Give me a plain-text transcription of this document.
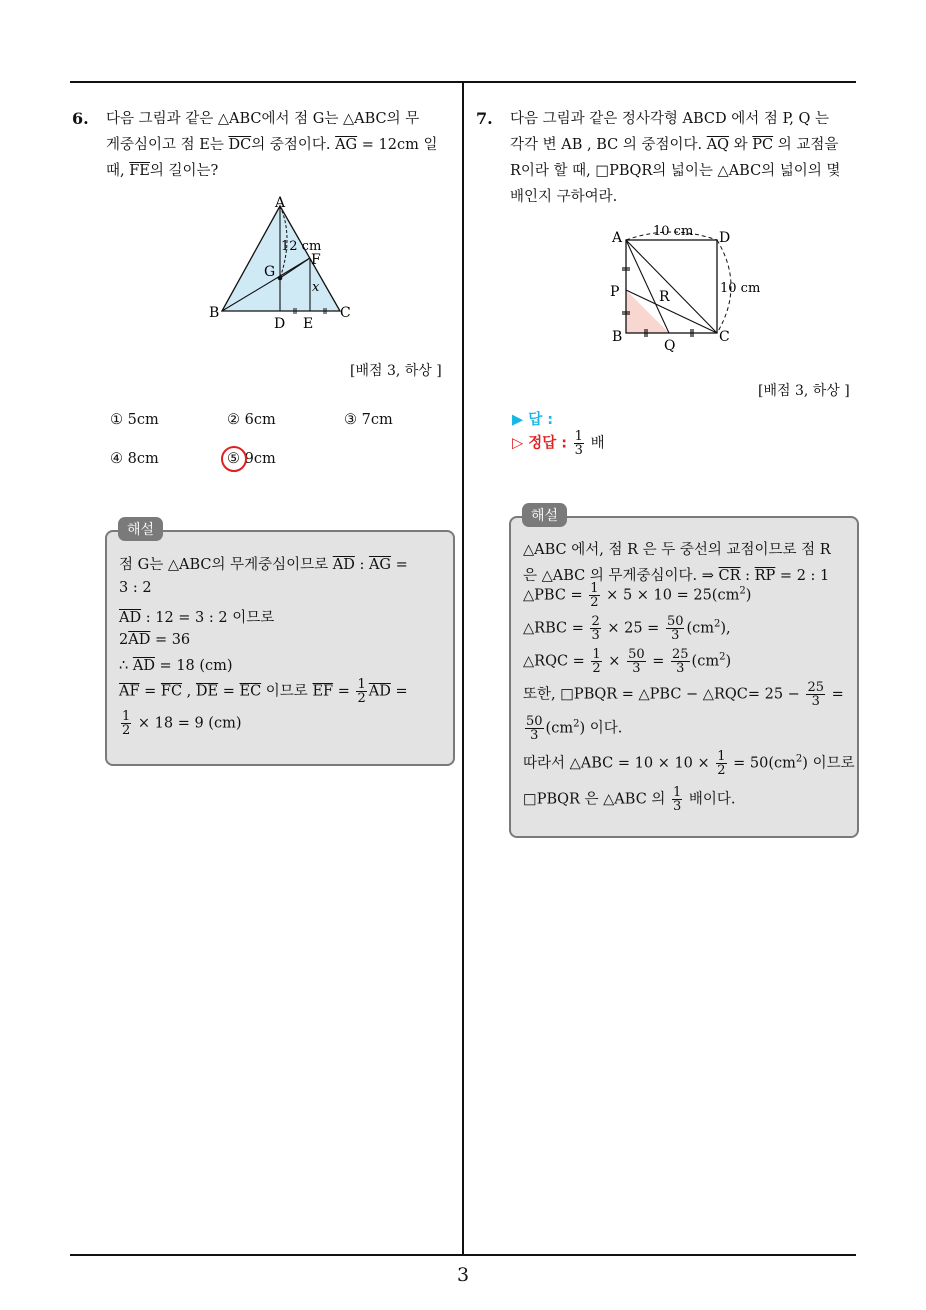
6. 다음 그림과 같은 △ABC에서 점 G는 △ABC의 무
게중심이고 점 E는 $\overline{DC}$의 중점이다. $\overline{AG} = 12cm$ 일
때, $\overline{FE}$의 길이는?
A
B	C
D E
F
G
12 cm
x
[배점 3, 하상 ]
① 5cm	② 6cm	③ 7cm
④ 8cm	⑤ 9cm
점 G는 △ABC의 무게중심이므로 $\overline{AD}$ : $\overline{AG}$ =
3 : 2
$\overline{AD}$ : 12 = 3 : 2 이므로
$2\overline{AD} = 36$
∴ $\overline{AD} = 18$ (cm)
$\overline{AF} = \overline{FC}$ , $\overline{DE} = \overline{EC}$ 이므로 $\overline{EF} = \frac{1}{2} \overline{AD}$ =
$\frac{1}{2} \times 18 = 9$ (cm)
해설
7. 다음 그림과 같은 정사각형 ABCD 에서 점 P, Q 는
각각 변 AB , BC 의 중점이다. $\overline{AQ}$ 와 $\overline{PC}$ 의 교점을
R이라 할 때, □PBQR의 넓이는 △ABC의 넓이의 몇
배인지 구하여라.
A	D
B	C
P
Q
R
10 cm
10 cm
[배점 3, 하상 ]
▶ 답 :
▷ 정답 : $\frac{1}{3}$ 배
△ABC 에서, 점 R 은 두 중선의 교점이므로 점 R
은 △ABC 의 무게중심이다. ⇒ $\overline{CR}$ : $\overline{RP} = 2$ : 1
△PBC = $\frac{1}{2} \times 5 \times 10 = 25(cm^2)$
△RBC = $\frac{2}{3} \times 25 = \frac{50}{3} (cm^2)$,
△RQC = $\frac{1}{2} \times \frac{50}{3} = \frac{25}{3} (cm^2)$
또한, □PBQR = △PBC − △RQC= $25 - \frac{25}{3}$ =
$\frac{50}{3} (cm^2)$ 이다.
따라서 △ABC = $10 \times 10 \times \frac{1}{2} = 50(cm^2)$ 이므로
□PBQR 은 △ABC 의 $\frac{1}{3}$ 배이다.
해설
3
